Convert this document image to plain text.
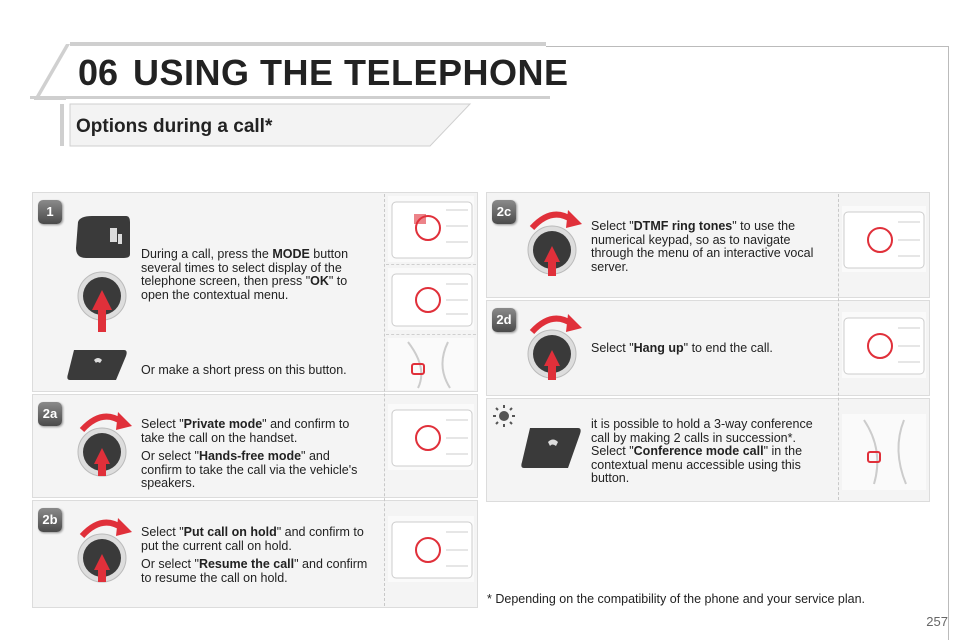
06 USING THE TELEPHONE
Options during a call*
1
2a
2b
2c
2d
During a call, press the MODE button several times to select display of the telephone screen, then press "OK" to open the contextual menu.
Or make a short press on this button.
Select "Private mode" and confirm to take the call on the handset.
Or select "Hands-free mode" and confirm to take the call via the vehicle's speakers.
Select "Put call on hold" and confirm to put the current call on hold.
Or select "Resume the call" and confirm to resume the call on hold.
Select "DTMF ring tones" to use the numerical keypad, so as to navigate through the menu of an interactive vocal server.
Select "Hang up" to end the call.
it is possible to hold a 3-way conference call by making 2 calls in succession*.
Select "Conference mode call" in the contextual menu accessible using this button.
* Depending on the compatibility of the phone and your service plan.
257
